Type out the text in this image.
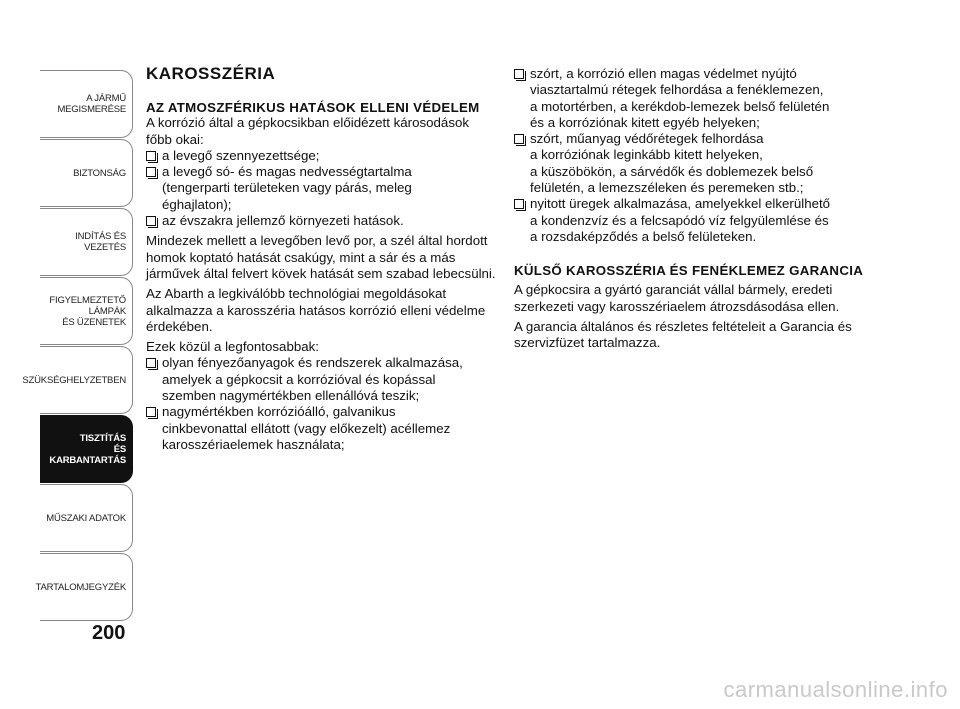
A JÁRMŰ
MEGISMERÉSE
BIZTONSÁG
INDÍTÁS ÉS VEZETÉS
FIGYELMEZTETŐ
LÁMPÁK
ÉS ÜZENETEK
SZÜKSÉGHELYZETBEN
TISZTÍTÁS
ÉS KARBANTARTÁS
MŰSZAKI ADATOK
TARTALOMJEGYZÉK
200
KAROSSZÉRIA
AZ ATMOSZFÉRIKUS HATÁSOK ELLENI VÉDELEM

A korrózió által a gépkocsikban előidézett károsodások főbb okai:

a levegő szennyezettsége;
a levegő só- és magas nedvességtartalma
(tengerparti területeken vagy párás, meleg
éghajlaton);
az évszakra jellemző környezeti hatások.

Mindezek mellett a levegőben levő por, a szél által hordott homok koptató hatását csakúgy, mint a sár és a más járművek által felvert kövek hatását sem szabad lebecsülni.

Az Abarth a legkiválóbb technológiai megoldásokat alkalmazza a karosszéria hatásos korrózió elleni védelme érdekében.

Ezek közül a legfontosabbak:

olyan fényezőanyagok és rendszerek alkalmazása,
amelyek a gépkocsit a korrózióval és kopással
szemben nagymértékben ellenállóvá teszik;
nagymértékben korrózióálló, galvanikus
cinkbevonattal ellátott (vagy előkezelt) acéllemez
karosszériaelemek használata;
szórt, a korrózió ellen magas védelmet nyújtó
viasztartalmú rétegek felhordása a fenéklemezen,
a motortérben, a kerékdob-lemezek belső felületén
és a korróziónak kitett egyéb helyeken;
szórt, műanyag védőrétegek felhordása
a korróziónak leginkább kitett helyeken,
a küszöbökön, a sárvédők és doblemezek belső
felületén, a lemezszéleken és peremeken stb.;
nyitott üregek alkalmazása, amelyekkel elkerülhető
a kondenzvíz és a felcsapódó víz felgyülemlése és
a rozsdaképződés a belső felületeken.
KÜLSŐ KAROSSZÉRIA ÉS FENÉKLEMEZ GARANCIA

A gépkocsira a gyártó garanciát vállal bármely, eredeti szerkezeti vagy karosszériaelem átrozsdásodása ellen.

A garancia általános és részletes feltételeit a Garancia és szervizfüzet tartalmazza.

carmanualsonline.info
